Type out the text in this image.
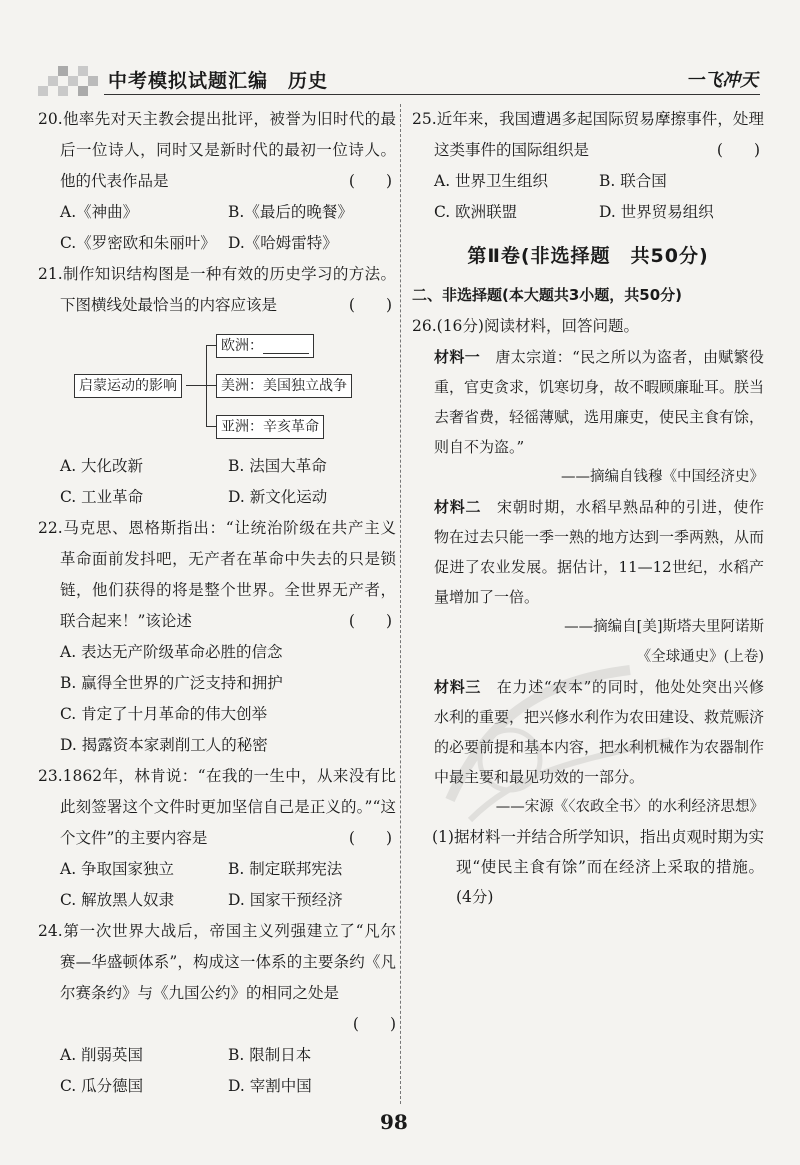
中考模拟试题汇编　历史	一飞冲天
20.他率先对天主教会提出批评，被誉为旧时代的最后一位诗人，同时又是新时代的最初一位诗人。他的代表作品是	(　　)
A.《神曲》	B.《最后的晚餐》
C.《罗密欧和朱丽叶》 D.《哈姆雷特》
21.制作知识结构图是一种有效的历史学习的方法。下图横线处最恰当的内容应该是	(　　)
启蒙运动的影响
欧洲：
美洲：美国独立战争
亚洲：辛亥革命
A. 大化改新	B. 法国大革命
C. 工业革命	D. 新文化运动
22.马克思、恩格斯指出：“让统治阶级在共产主义革命面前发抖吧，无产者在革命中失去的只是锁链，他们获得的将是整个世界。全世界无产者，联合起来！”该论述	(　　)
A. 表达无产阶级革命必胜的信念
B. 赢得全世界的广泛支持和拥护
C. 肯定了十月革命的伟大创举
D. 揭露资本家剥削工人的秘密
23.1862年，林肯说：“在我的一生中，从来没有比此刻签署这个文件时更加坚信自己是正义的。”“这个文件”的主要内容是	(　　)
A. 争取国家独立	B. 制定联邦宪法
C. 解放黑人奴隶	D. 国家干预经济
24.第一次世界大战后，帝国主义列强建立了“凡尔赛—华盛顿体系”，构成这一体系的主要条约《凡尔赛条约》与《九国公约》的相同之处是
(　　)
A. 削弱英国	B. 限制日本
C. 瓜分德国	D. 宰割中国
25.近年来，我国遭遇多起国际贸易摩擦事件，处理这类事件的国际组织是	(　　)
A. 世界卫生组织	B. 联合国
C. 欧洲联盟	D. 世界贸易组织
第Ⅱ卷(非选择题　共50分)
二、非选择题(本大题共3小题，共50分)
26.(16分)阅读材料，回答问题。
材料一　 唐太宗道：“民之所以为盗者，由赋繁役重，官吏贪求，饥寒切身，故不暇顾廉耻耳。朕当去奢省费，轻徭薄赋，选用廉吏，使民主食有馀，则自不为盗。”
——摘编自钱穆《中国经济史》
材料二　 宋朝时期，水稻早熟品种的引进，使作物在过去只能一季一熟的地方达到一季两熟，从而促进了农业发展。据估计，11—12世纪，水稻产量增加了一倍。
——摘编自[美]斯塔夫里阿诺斯
《全球通史》(上卷)
材料三　 在力述“农本”的同时，他处处突出兴修水利的重要，把兴修水利作为农田建设、救荒赈济的必要前提和基本内容，把水利机械作为农器制作中最主要和最见功效的一部分。
——宋源《〈农政全书〉的水利经济思想》
(1)据材料一并结合所学知识，指出贞观时期为实现“使民主食有馀”而在经济上采取的措施。(4分)
98
